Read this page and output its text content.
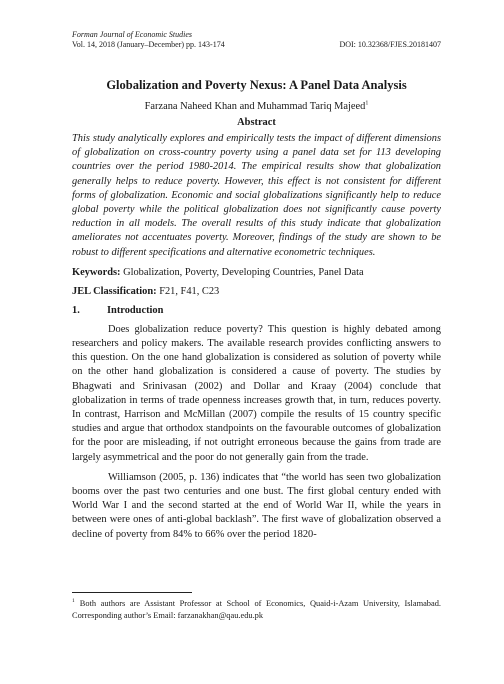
Forman Journal of Economic Studies
Vol. 14, 2018 (January–December) pp. 143-174	DOI: 10.32368/FJES.20181407
Globalization and Poverty Nexus: A Panel Data Analysis
Farzana Naheed Khan and Muhammad Tariq Majeed$^1$
Abstract
This study analytically explores and empirically tests the impact of different dimensions of globalization on cross-country poverty using a panel data set for 113 developing countries over the period 1980-2014. The empirical results show that globalization generally helps to reduce poverty. However, this effect is not consistent for different forms of globalization. Economic and social globalizations significantly help to reduce global poverty while the political globalization does not significantly cause poverty reduction in all models. The overall results of this study indicate that globalization ameliorates not accentuates poverty. Moreover, findings of the study are shown to be robust to different specifications and alternative econometric techniques.
Keywords: Globalization, Poverty, Developing Countries, Panel Data
JEL Classification: F21, F41, C23
1.	Introduction
Does globalization reduce poverty? This question is highly debated among researchers and policy makers. The available research provides conflicting answers to this question. On the one hand globalization is considered as solution of poverty while on the other hand globalization is considered a cause of poverty. The studies by Bhagwati and Srinivasan (2002) and Dollar and Kraay (2004) conclude that globalization in terms of trade openness increases growth that, in turn, reduces poverty. In contrast, Harrison and McMillan (2007) compile the results of 15 country specific studies and argue that orthodox standpoints on the favourable outcomes of globalization for the poor are misleading, if not outright erroneous because the gains from trade are largely asymmetrical and the poor do not generally gain from the trade.
Williamson (2005, p. 136) indicates that “the world has seen two globalization booms over the past two centuries and one bust. The first global century ended with World War I and the second started at the end of World War II, while the years in between were ones of anti-global backlash”. The first wave of globalization observed a decline of poverty from 84% to 66% over the period 1820-
$^1$ Both authors are Assistant Professor at School of Economics, Quaid-i-Azam University, Islamabad. Corresponding author’s Email: farzanakhan@qau.edu.pk
